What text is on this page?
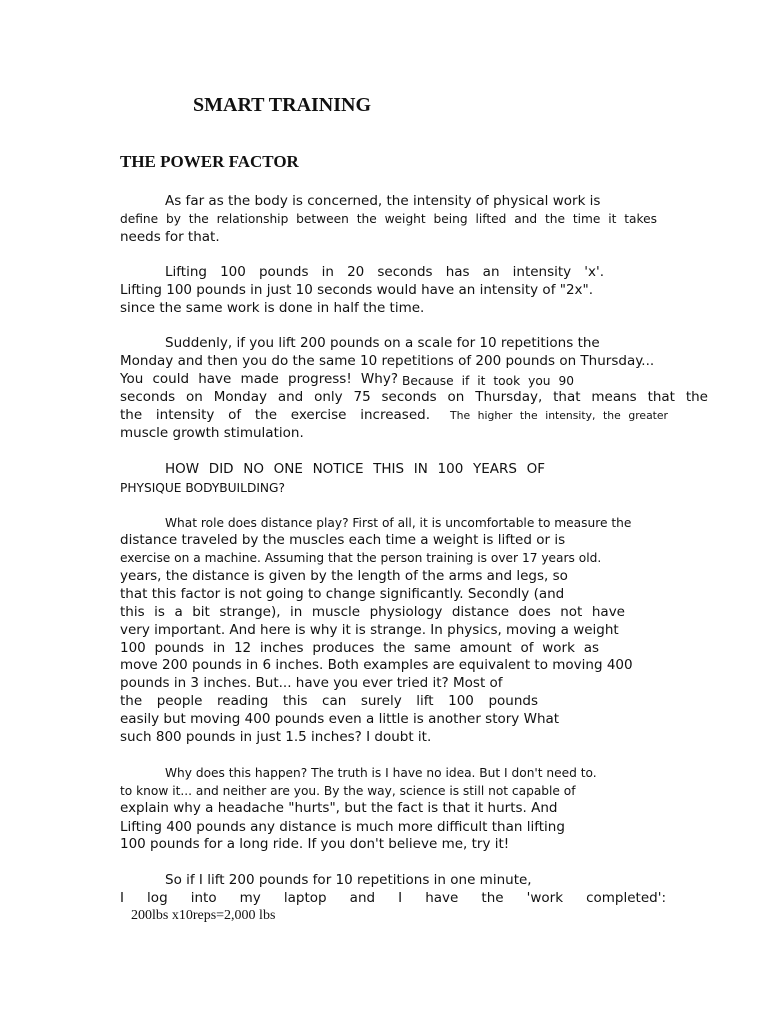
SMART TRAINING
THE POWER FACTOR
As far as the body is concerned, the intensity of physical work is
define by the relationship between the weight being lifted and the time it takes
needs for that.
Lifting 100 pounds in 20 seconds has an intensity 'x'.
Lifting 100 pounds in just 10 seconds would have an intensity of "2x".
since the same work is done in half the time.
Suddenly, if you lift 200 pounds on a scale for 10 repetitions the
Monday and then you do the same 10 repetitions of 200 pounds on Thursday...
You could have made progress! Why? Because if it took you 90
seconds on Monday and only 75 seconds on Thursday, that means that the
the intensity of the exercise increased. The higher the intensity, the greater
muscle growth stimulation.
HOW DID NO ONE NOTICE THIS IN 100 YEARS OF
PHYSIQUE BODYBUILDING?
What role does distance play? First of all, it is uncomfortable to measure the
distance traveled by the muscles each time a weight is lifted or is
exercise on a machine. Assuming that the person training is over 17 years old.
years, the distance is given by the length of the arms and legs, so
that this factor is not going to change significantly. Secondly (and
this is a bit strange), in muscle physiology distance does not have
very important. And here is why it is strange. In physics, moving a weight
100 pounds in 12 inches produces the same amount of work as
move 200 pounds in 6 inches. Both examples are equivalent to moving 400
pounds in 3 inches. But... have you ever tried it? Most of
the people reading this can surely lift 100 pounds
easily but moving 400 pounds even a little is another story What
such 800 pounds in just 1.5 inches? I doubt it.
Why does this happen? The truth is I have no idea. But I don't need to.
to know it... and neither are you. By the way, science is still not capable of
explain why a headache "hurts", but the fact is that it hurts. And
Lifting 400 pounds any distance is much more difficult than lifting
100 pounds for a long ride. If you don't believe me, try it!
So if I lift 200 pounds for 10 repetitions in one minute,
I log into my laptop and I have the 'work completed':
200lbs x10reps=2,000 lbs
